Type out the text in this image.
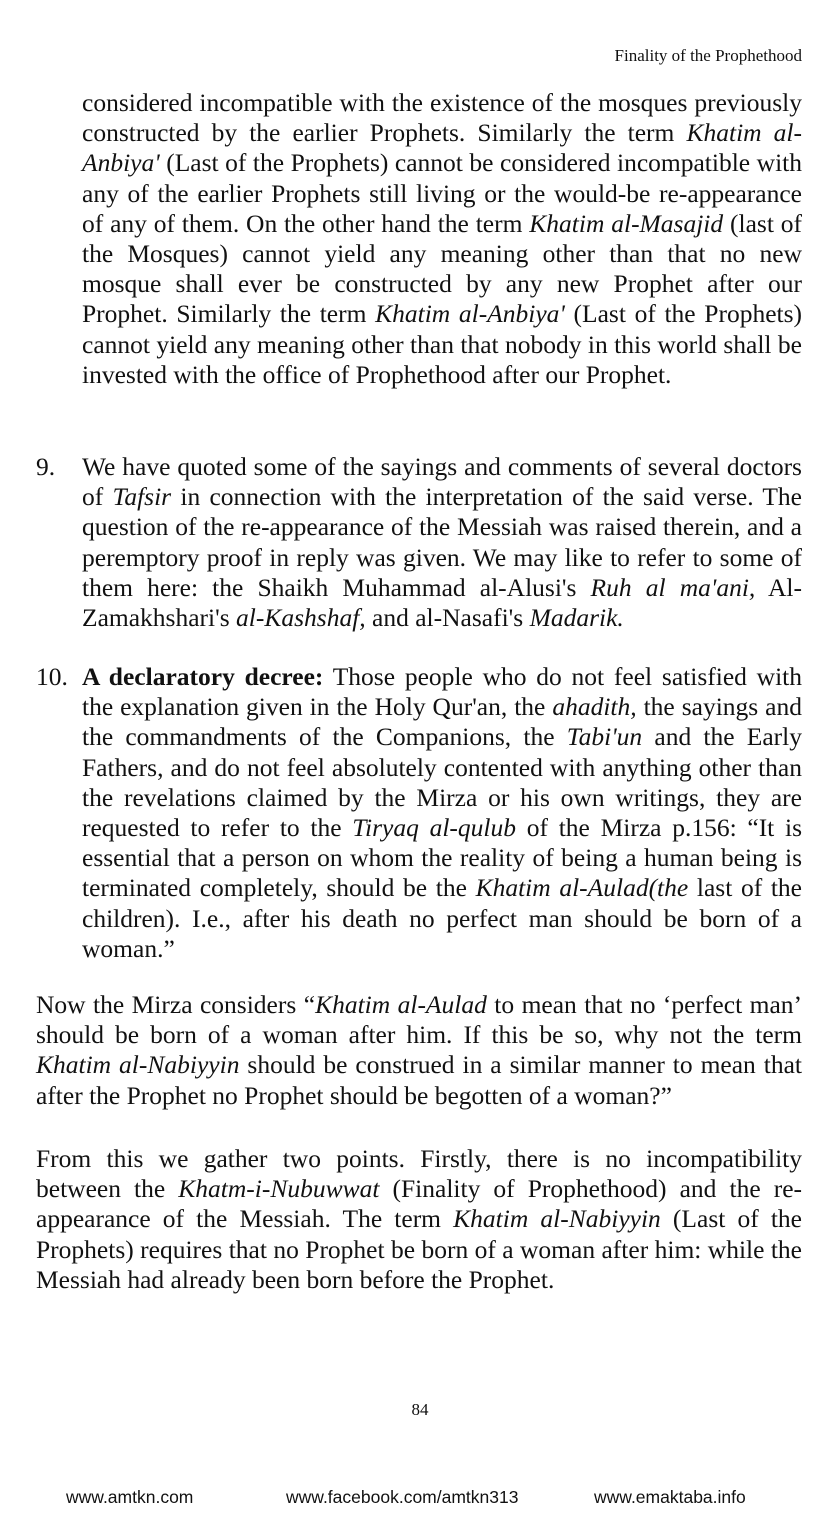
Finality of the Prophethood
considered incompatible with the existence of the mosques previously constructed by the earlier Prophets. Similarly the term Khatim al-Anbiya' (Last of the Prophets) cannot be considered incompatible with any of the earlier Prophets still living or the would-be re-appearance of any of them. On the other hand the term Khatim al-Masajid (last of the Mosques) cannot yield any meaning other than that no new mosque shall ever be constructed by any new Prophet after our Prophet. Similarly the term Khatim al-Anbiya' (Last of the Prophets) cannot yield any meaning other than that nobody in this world shall be invested with the office of Prophethood after our Prophet.
9. We have quoted some of the sayings and comments of several doctors of Tafsir in connection with the interpretation of the said verse. The question of the re-appearance of the Messiah was raised therein, and a peremptory proof in reply was given. We may like to refer to some of them here: the Shaikh Muhammad al-Alusi's Ruh al ma'ani, Al-Zamakhshari's al-Kashshaf, and al-Nasafi's Madarik.
10. A declaratory decree: Those people who do not feel satisfied with the explanation given in the Holy Qur'an, the ahadith, the sayings and the commandments of the Companions, the Tabi'un and the Early Fathers, and do not feel absolutely contented with anything other than the revelations claimed by the Mirza or his own writings, they are requested to refer to the Tiryaq al-qulub of the Mirza p.156: “It is essential that a person on whom the reality of being a human being is terminated completely, should be the Khatim al-Aulad(the last of the children). I.e., after his death no perfect man should be born of a woman.”
Now the Mirza considers “Khatim al-Aulad to mean that no ‘perfect man’ should be born of a woman after him. If this be so, why not the term Khatim al-Nabiyyin should be construed in a similar manner to mean that after the Prophet no Prophet should be begotten of a woman?”
From this we gather two points. Firstly, there is no incompatibility between the Khatm-i-Nubuwwat (Finality of Prophethood) and the re-appearance of the Messiah. The term Khatim al-Nabiyyin (Last of the Prophets) requires that no Prophet be born of a woman after him: while the Messiah had already been born before the Prophet.
84
www.amtkn.com	www.facebook.com/amtkn313	www.emaktaba.info
